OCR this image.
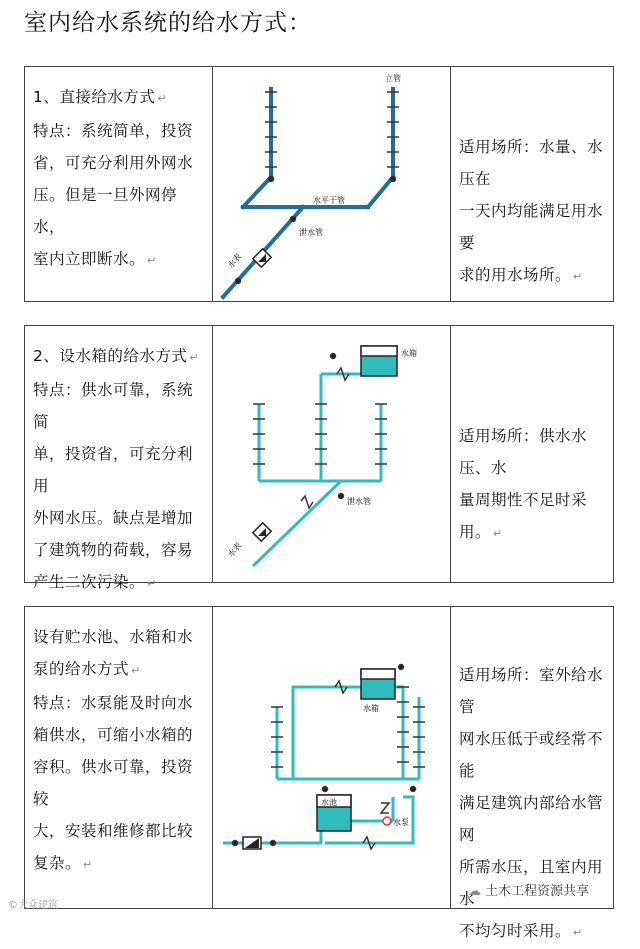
室内给水系统的给水方式：
1、直接给水方式 ↵
特点：系统简单，投资
省，可充分利用外网水
压。但是一旦外网停水，
室内立即断水。 ↵
立管
水平干管
泄水管
水表
适用场所：水量、水压在
一天内均能满足用水要
求的用水场所。 ↵
2、设水箱的给水方式 ↵
特点：供水可靠，系统简
单，投资省，可充分利用
外网水压。缺点是增加
了建筑物的荷载，容易
产生二次污染。 ↵
水箱
泄水管
水表
适用场所：供水水压、水
量周期性不足时采用。 ↵
设有贮水池、水箱和水
泵的给水方式 ↵
特点：水泵能及时向水
箱供水，可缩小水箱的
容积。供水可靠，投资较
大，安装和维修都比较
复杂。 ↵
水箱
水池
水泵
适用场所：室外给水管
网水压低于或经常不能
满足建筑内部给水管网
所需水压，且室内用水
不均匀时采用。 ↵
©大众建筑
☁ 土木工程资源共享
